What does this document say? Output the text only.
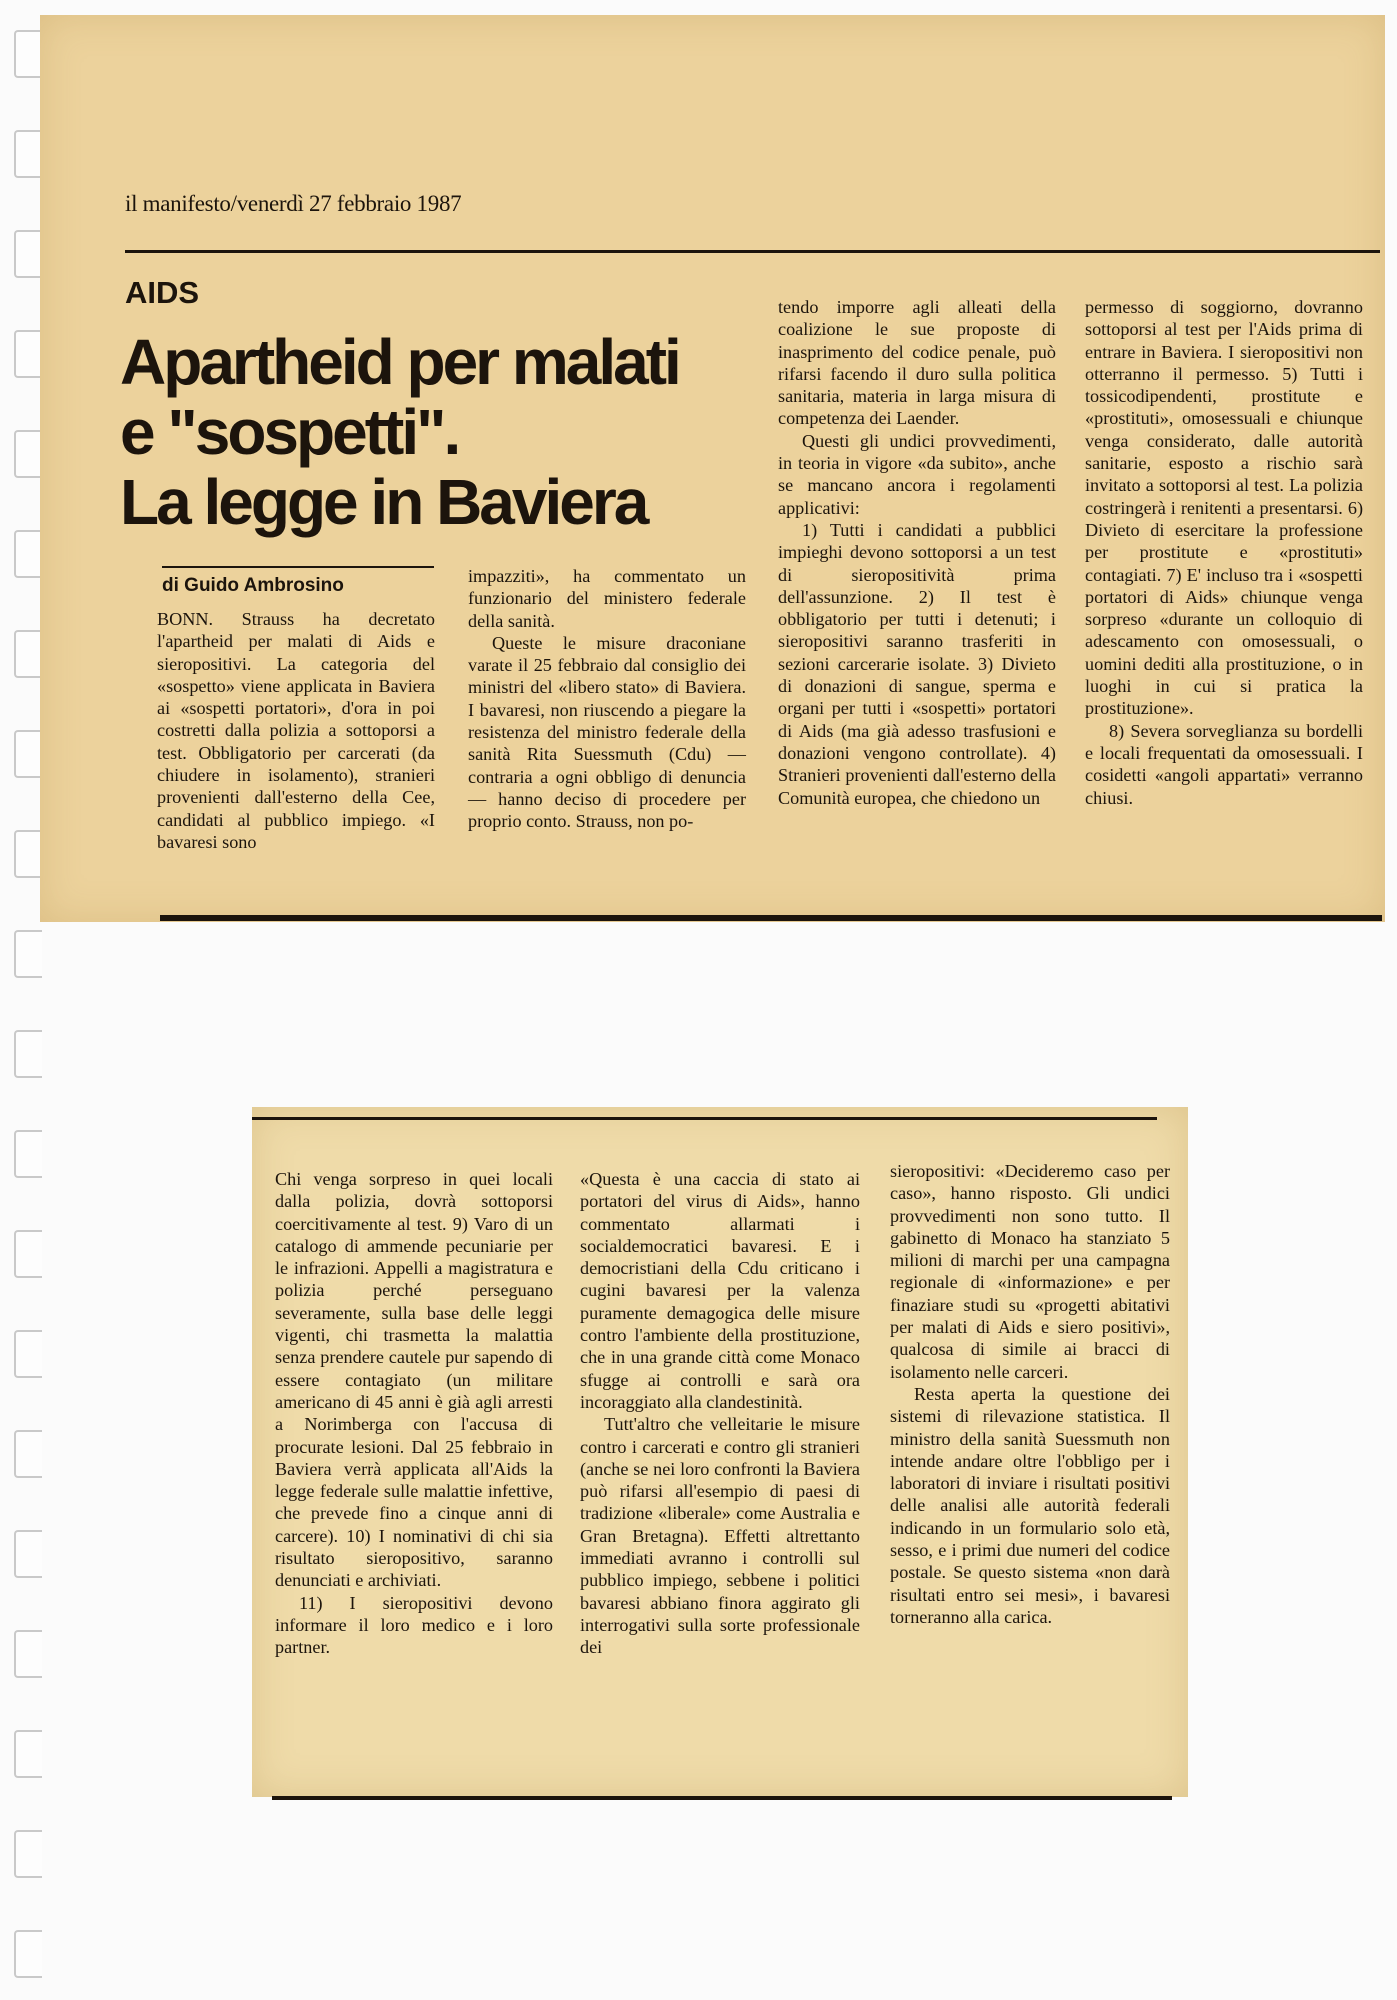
il manifesto/venerdì 27 febbraio 1987
AIDS
Apartheid per malati
e "sospetti".
La legge in Baviera
di Guido Ambrosino

BONN. Strauss ha decretato l'apartheid per malati di Aids e sieropositivi. La categoria del «sospetto» viene applicata in Baviera ai «sospetti portatori», d'ora in poi costretti dalla polizia a sottoporsi a test. Obbligatorio per carcerati (da chiudere in isolamento), stranieri provenienti dall'esterno della Cee, candidati al pubblico impiego. «I bavaresi sono

impazziti», ha commentato un funzionario del ministero federale della sanità.

Queste le misure draconiane varate il 25 febbraio dal consiglio dei ministri del «libero stato» di Baviera. I bavaresi, non riuscendo a piegare la resistenza del ministro federale della sanità Rita Suessmuth (Cdu) — contraria a ogni obbligo di denuncia — hanno deciso di procedere per proprio conto. Strauss, non po-

tendo imporre agli alleati della coalizione le sue proposte di inasprimento del codice penale, può rifarsi facendo il duro sulla politica sanitaria, materia in larga misura di competenza dei Laender.

Questi gli undici provvedimenti, in teoria in vigore «da subito», anche se mancano ancora i regolamenti applicativi:

1) Tutti i candidati a pubblici impieghi devono sottoporsi a un test di sieropositività prima dell'assunzione. 2) Il test è obbligatorio per tutti i detenuti; i sieropositivi saranno trasferiti in sezioni carcerarie isolate. 3) Divieto di donazioni di sangue, sperma e organi per tutti i «sospetti» portatori di Aids (ma già adesso trasfusioni e donazioni vengono controllate). 4) Stranieri provenienti dall'esterno della Comunità europea, che chiedono un

permesso di soggiorno, dovranno sottoporsi al test per l'Aids prima di entrare in Baviera. I sieropositivi non otterranno il permesso. 5) Tutti i tossicodipendenti, prostitute e «prostituti», omosessuali e chiunque venga considerato, dalle autorità sanitarie, esposto a rischio sarà invitato a sottoporsi al test. La polizia costringerà i renitenti a presentarsi. 6) Divieto di esercitare la professione per prostitute e «prostituti» contagiati. 7) E' incluso tra i «sospetti portatori di Aids» chiunque venga sorpreso «durante un colloquio di adescamento con omosessuali, o uomini dediti alla prostituzione, o in luoghi in cui si pratica la prostituzione».

8) Severa sorveglianza su bordelli e locali frequentati da omosessuali. I cosidetti «angoli appartati» verranno chiusi.

Chi venga sorpreso in quei locali dalla polizia, dovrà sottoporsi coercitivamente al test. 9) Varo di un catalogo di ammende pecuniarie per le infrazioni. Appelli a magistratura e polizia perché perseguano severamente, sulla base delle leggi vigenti, chi trasmetta la malattia senza prendere cautele pur sapendo di essere contagiato (un militare americano di 45 anni è già agli arresti a Norimberga con l'accusa di procurate lesioni. Dal 25 febbraio in Baviera verrà applicata all'Aids la legge federale sulle malattie infettive, che prevede fino a cinque anni di carcere). 10) I nominativi di chi sia risultato sieropositivo, saranno denunciati e archiviati.

11) I sieropositivi devono informare il loro medico e i loro partner.

«Questa è una caccia di stato ai portatori del virus di Aids», hanno commentato allarmati i socialdemocratici bavaresi. E i democristiani della Cdu criticano i cugini bavaresi per la valenza puramente demagogica delle misure contro l'ambiente della prostituzione, che in una grande città come Monaco sfugge ai controlli e sarà ora incoraggiato alla clandestinità.

Tutt'altro che velleitarie le misure contro i carcerati e contro gli stranieri (anche se nei loro confronti la Baviera può rifarsi all'esempio di paesi di tradizione «liberale» come Australia e Gran Bretagna). Effetti altrettanto immediati avranno i controlli sul pubblico impiego, sebbene i politici bavaresi abbiano finora aggirato gli interrogativi sulla sorte professionale dei

sieropositivi: «Decideremo caso per caso», hanno risposto. Gli undici provvedimenti non sono tutto. Il gabinetto di Monaco ha stanziato 5 milioni di marchi per una campagna regionale di «informazione» e per finaziare studi su «progetti abitativi per malati di Aids e siero positivi», qualcosa di simile ai bracci di isolamento nelle carceri.

Resta aperta la questione dei sistemi di rilevazione statistica. Il ministro della sanità Suessmuth non intende andare oltre l'obbligo per i laboratori di inviare i risultati positivi delle analisi alle autorità federali indicando in un formulario solo età, sesso, e i primi due numeri del codice postale. Se questo sistema «non darà risultati entro sei mesi», i bavaresi torneranno alla carica.
